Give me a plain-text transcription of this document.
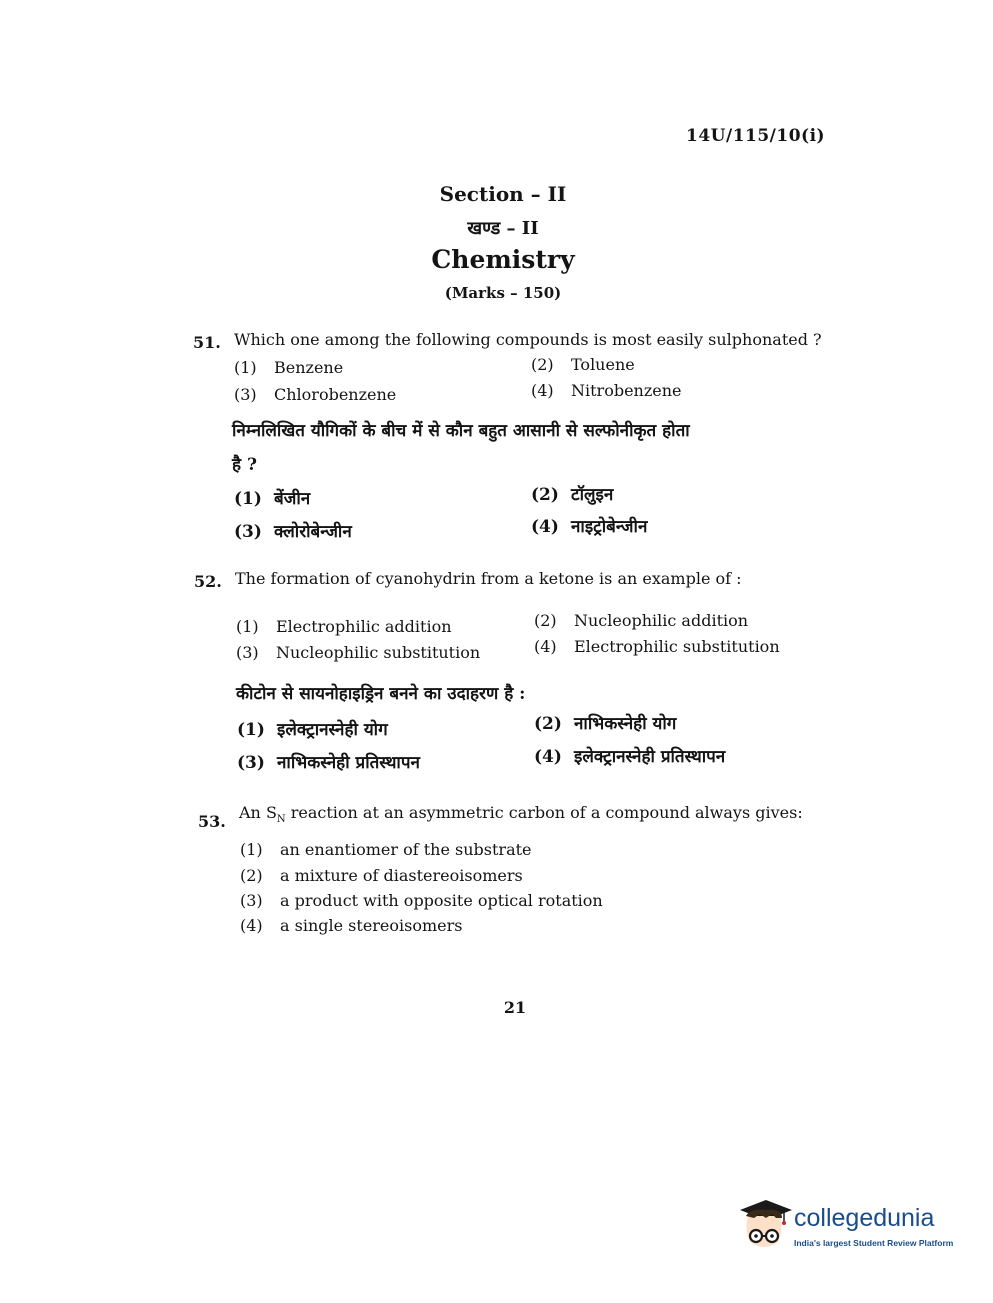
14U/115/10(i)
Section – II
खण्ड – II
Chemistry
(Marks – 150)
51. Which one among the following compounds is most easily sulphonated ?
(1) Benzene	(2) Toluene
(3) Chlorobenzene	(4) Nitrobenzene
निम्नलिखित यौगिकों के बीच में से कौन बहुत आसानी से सल्फोनीकृत होता
है ?
(1) बेंजीन	(2) टॉलुइन
(3) क्लोरोबेन्जीन	(4) नाइट्रोबेन्जीन
52. The formation of cyanohydrin from a ketone is an example of :
(1) Electrophilic addition	(2) Nucleophilic addition
(3) Nucleophilic substitution	(4) Electrophilic substitution
कीटोन से सायनोहाइड्रिन बनने का उदाहरण है :
(1) इलेक्ट्रानस्नेही योग	(2) नाभिकस्नेही योग
(3) नाभिकस्नेही प्रतिस्थापन	(4) इलेक्ट्रानस्नेही प्रतिस्थापन
53. An $S_N$ reaction at an asymmetric carbon of a compound always gives:
(1) an enantiomer of the substrate
(2) a mixture of diastereoisomers
(3) a product with opposite optical rotation
(4) a single stereoisomers
21
collegedunia
India's largest Student Review Platform
